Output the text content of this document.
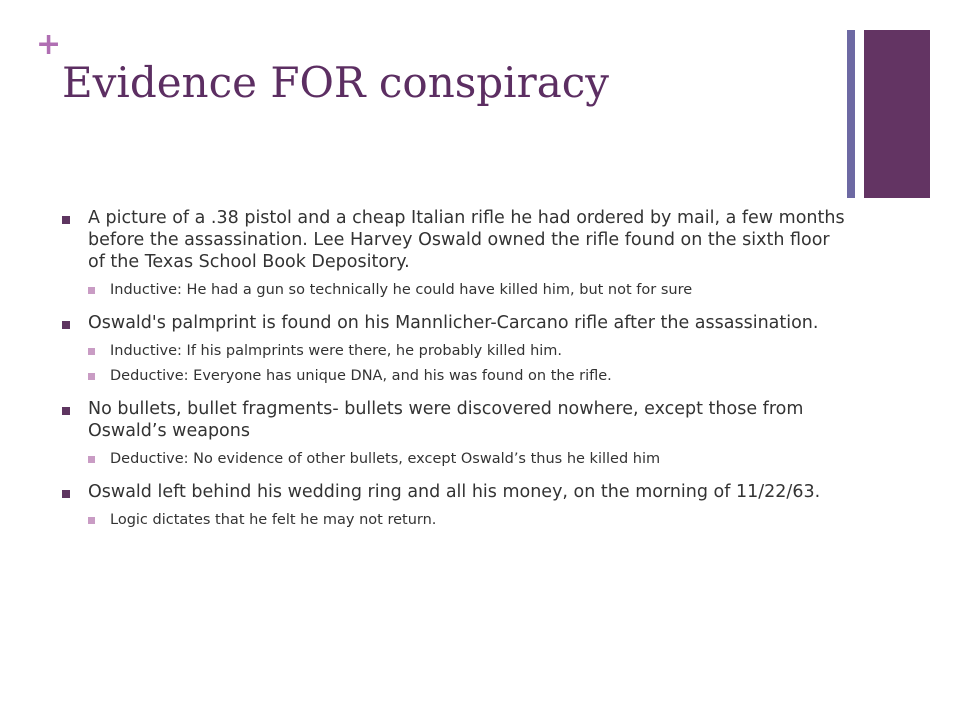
+
Evidence FOR conspiracy
A picture of a .38 pistol and a cheap Italian rifle he had ordered by mail, a few months before the assassination. Lee Harvey Oswald owned the rifle found on the sixth floor of the Texas School Book Depository.
Inductive: He had a gun so technically he could have killed him, but not for sure
Oswald's palmprint is found on his Mannlicher-Carcano rifle after the assassination.
Inductive: If his palmprints were there, he probably killed him.
Deductive: Everyone has unique DNA, and his was found on the rifle.
No bullets, bullet fragments- bullets were discovered nowhere, except those from Oswald’s weapons
Deductive: No evidence of other bullets, except Oswald’s thus he killed him
Oswald left behind his wedding ring and all his money, on the morning of 11/22/63.
Logic dictates that he felt he may not return.
